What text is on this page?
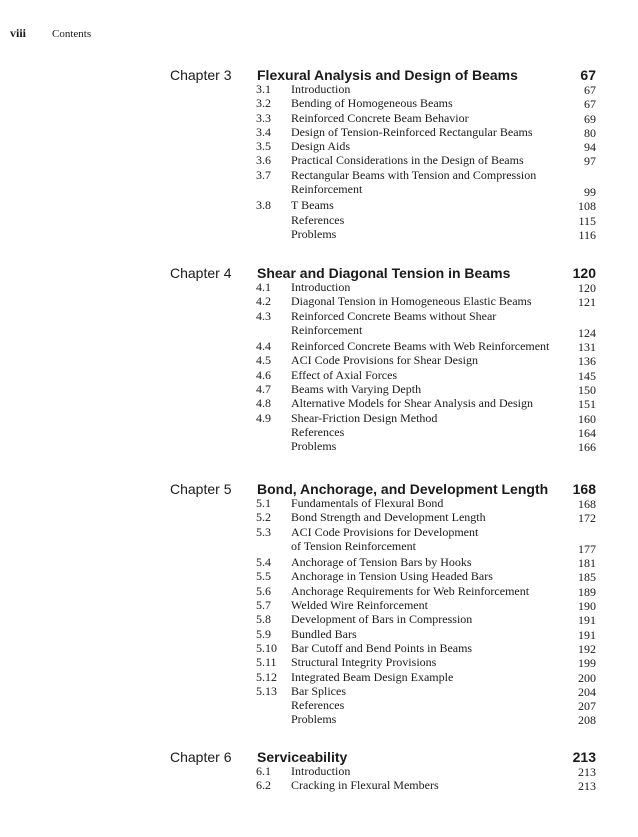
viii Contents
Chapter 3 Flexural Analysis and Design of Beams	67
3.1 Introduction	67
3.2 Bending of Homogeneous Beams	67
3.3 Reinforced Concrete Beam Behavior	69
3.4 Design of Tension-Reinforced Rectangular Beams	80
3.5 Design Aids	94
3.6 Practical Considerations in the Design of Beams	97
3.7 Rectangular Beams with Tension and Compression
Reinforcement	99
3.8 T Beams	108
References	115
Problems	116
Chapter 4 Shear and Diagonal Tension in Beams	120
4.1 Introduction	120
4.2 Diagonal Tension in Homogeneous Elastic Beams	121
4.3 Reinforced Concrete Beams without Shear
Reinforcement	124
4.4 Reinforced Concrete Beams with Web Reinforcement	131
4.5 ACI Code Provisions for Shear Design	136
4.6 Effect of Axial Forces	145
4.7 Beams with Varying Depth	150
4.8 Alternative Models for Shear Analysis and Design	151
4.9 Shear-Friction Design Method	160
References	164
Problems	166
Chapter 5 Bond, Anchorage, and Development Length 168
5.1 Fundamentals of Flexural Bond	168
5.2 Bond Strength and Development Length	172
5.3 ACI Code Provisions for Development
of Tension Reinforcement	177
5.4 Anchorage of Tension Bars by Hooks	181
5.5 Anchorage in Tension Using Headed Bars	185
5.6 Anchorage Requirements for Web Reinforcement	189
5.7 Welded Wire Reinforcement	190
5.8 Development of Bars in Compression	191
5.9 Bundled Bars	191
5.10 Bar Cutoff and Bend Points in Beams	192
5.11 Structural Integrity Provisions	199
5.12 Integrated Beam Design Example	200
5.13 Bar Splices	204
References	207
Problems	208
Chapter 6 Serviceability	213
6.1 Introduction	213
6.2 Cracking in Flexural Members	213
